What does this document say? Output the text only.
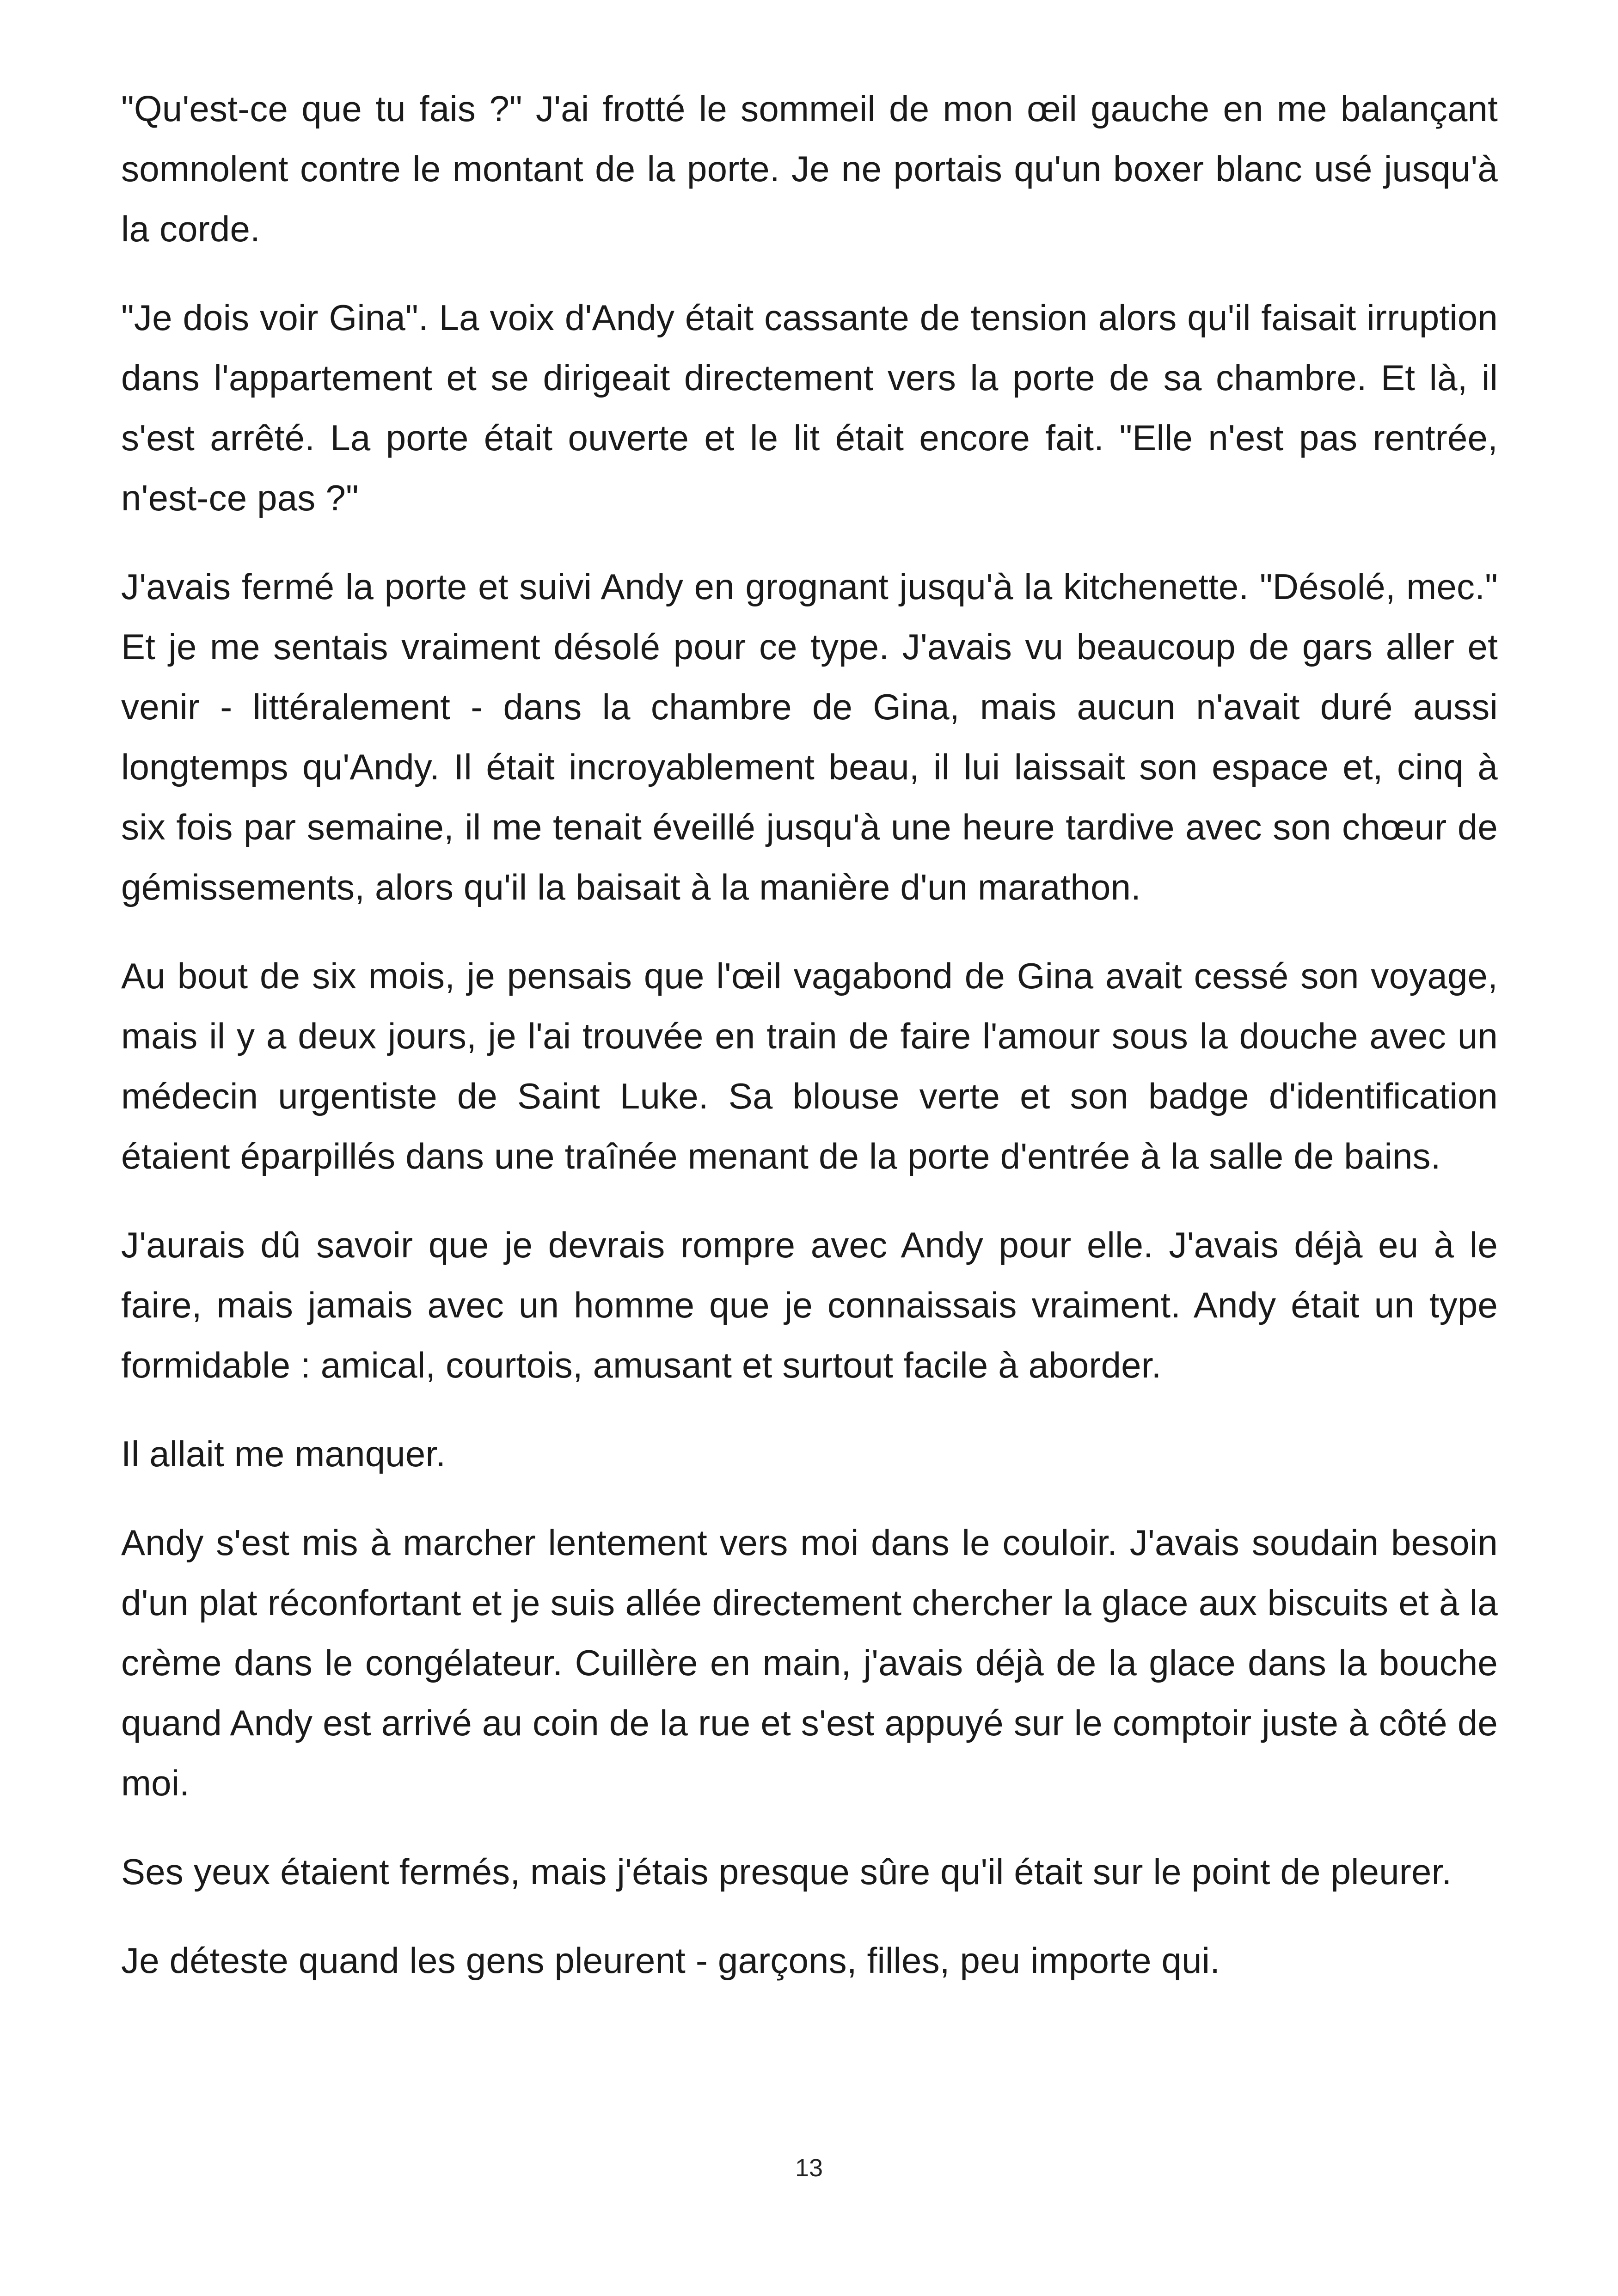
"Qu'est-ce que tu fais ?" J'ai frotté le sommeil de mon œil gauche en me balançant somnolent contre le montant de la porte. Je ne portais qu'un boxer blanc usé jusqu'à la corde.

"Je dois voir Gina". La voix d'Andy était cassante de tension alors qu'il faisait irruption dans l'appartement et se dirigeait directement vers la porte de sa chambre. Et là, il s'est arrêté. La porte était ouverte et le lit était encore fait. "Elle n'est pas rentrée, n'est-ce pas ?"

J'avais fermé la porte et suivi Andy en grognant jusqu'à la kitchenette. "Désolé, mec." Et je me sentais vraiment désolé pour ce type. J'avais vu beaucoup de gars aller et venir - littéralement - dans la chambre de Gina, mais aucun n'avait duré aussi longtemps qu'Andy. Il était incroyablement beau, il lui laissait son espace et, cinq à six fois par semaine, il me tenait éveillé jusqu'à une heure tardive avec son chœur de gémissements, alors qu'il la baisait à la manière d'un marathon.

Au bout de six mois, je pensais que l'œil vagabond de Gina avait cessé son voyage, mais il y a deux jours, je l'ai trouvée en train de faire l'amour sous la douche avec un médecin urgentiste de Saint Luke. Sa blouse verte et son badge d'identification étaient éparpillés dans une traînée menant de la porte d'entrée à la salle de bains.

J'aurais dû savoir que je devrais rompre avec Andy pour elle. J'avais déjà eu à le faire, mais jamais avec un homme que je connaissais vraiment. Andy était un type formidable : amical, courtois, amusant et surtout facile à aborder.

Il allait me manquer.

Andy s'est mis à marcher lentement vers moi dans le couloir. J'avais soudain besoin d'un plat réconfortant et je suis allée directement chercher la glace aux biscuits et à la crème dans le congélateur. Cuillère en main, j'avais déjà de la glace dans la bouche quand Andy est arrivé au coin de la rue et s'est appuyé sur le comptoir juste à côté de moi.

Ses yeux étaient fermés, mais j'étais presque sûre qu'il était sur le point de pleurer.

Je déteste quand les gens pleurent - garçons, filles, peu importe qui.

13
